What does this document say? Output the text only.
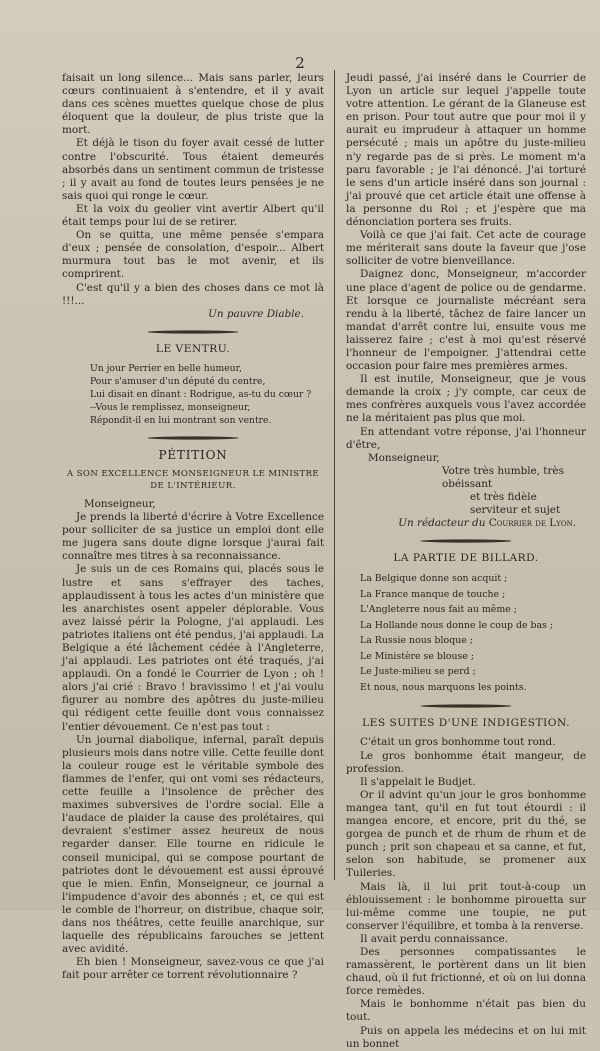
2

faisait un long silence... Mais sans parler, leurs cœurs continuaient à s'entendre, et il y avait dans ces scènes muettes quelque chose de plus éloquent que la douleur, de plus triste que la mort.

Et déjà le tison du foyer avait cessé de lutter contre l'obscurité. Tous étaient demeurés absorbés dans un sentiment commun de tristesse ; il y avait au fond de toutes leurs pensées je ne sais quoi qui ronge le cœur.

Et la voix du geolier vint avertir Albert qu'il était temps pour lui de se retirer.

On se quitta, une même pensée s'empara d'eux ; pensée de consolation, d'espoir... Albert murmura tout bas le mot avenir, et ils comprirent.

C'est qu'il y a bien des choses dans ce mot là !!!...

Un pauvre Diable.

LE VENTRU.

Un jour Perrier en belle humeur,

Pour s'amuser d'un député du centre,

Lui disait en dînant : Rodrigue, as-tu du cœur ?

--Vous le remplissez, monseigneur,

Répondit-il en lui montrant son ventre.

PÉTITION
A SON EXCELLENCE MONSEIGNEUR LE MINISTRE DE L'INTÉRIEUR.

Monseigneur,

Je prends la liberté d'écrire à Votre Excellence pour solliciter de sa justice un emploi dont elle me jugera sans doute digne lorsque j'aurai fait connaître mes titres à sa reconnaissance.

Je suis un de ces Romains qui, placés sous le lustre et sans s'effrayer des taches, applaudissent à tous les actes d'un ministère que les anarchistes osent appeler déplorable. Vous avez laissé périr la Pologne, j'ai applaudi. Les patriotes italiens ont été pendus, j'ai applaudi. La Belgique a été lâchement cédée à l'Angleterre, j'ai applaudi. Les patriotes ont été traqués, j'ai applaudi. On a fondé le Courrier de Lyon ; oh ! alors j'ai crié : Bravo ! bravissimo ! et j'ai voulu figurer au nombre des apôtres du juste-milieu qui rédigent cette feuille dont vous connaissez l'entier dévouement. Ce n'est pas tout :

Un journal diabolique, infernal, paraît depuis plusieurs mois dans notre ville. Cette feuille dont la couleur rouge est le véritable symbole des flammes de l'enfer, qui ont vomi ses rédacteurs, cette feuille a l'insolence de prêcher des maximes subversives de l'ordre social. Elle a l'audace de plaider la cause des prolétaires, qui devraient s'estimer assez heureux de nous regarder danser. Elle tourne en ridicule le conseil municipal, qui se compose pourtant de patriotes dont le dévouement est aussi éprouvé que le mien. Enfin, Monseigneur, ce journal a l'impudence d'avoir des abonnés ; et, ce qui est le comble de l'horreur, on distribue, chaque soir, dans nos théâtres, cette feuille anarchique, sur laquelle des républicains farouches se jettent avec avidité.

Eh bien ! Monseigneur, savez-vous ce que j'ai fait pour arrêter ce torrent révolutionnaire ?

Jeudi passé, j'ai inséré dans le Courrier de Lyon un article sur lequel j'appelle toute votre attention. Le gérant de la Glaneuse est en prison. Pour tout autre que pour moi il y aurait eu imprudeur à attaquer un homme persécuté ; mais un apôtre du juste-milieu n'y regarde pas de si près. Le moment m'a paru favorable ; je l'ai dénoncé. J'ai torturé le sens d'un article inséré dans son journal : j'ai prouvé que cet article était une offense à la personne du Roi ; et j'espère que ma dénonciation portera ses fruits.

Voilà ce que j'ai fait. Cet acte de courage me mériterait sans doute la faveur que j'ose solliciter de votre bienveillance.

Daignez donc, Monseigneur, m'accorder une place d'agent de police ou de gendarme. Et lorsque ce journaliste mécréant sera rendu à la liberté, tâchez de faire lancer un mandat d'arrêt contre lui, ensuite vous me laisserez faire ; c'est à moi qu'est réservé l'honneur de l'empoigner. J'attendrai cette occasion pour faire mes premières armes.

Il est inutile, Monseigneur, que je vous demande la croix ; j'y compte, car ceux de mes confrères auxquels vous l'avez accordée ne la méritaient pas plus que moi.

En attendant votre réponse, j'ai l'honneur d'être,

Monseigneur,

Votre très humble, très obéissant

et très fidèle serviteur et sujet

Un rédacteur du Courrier de Lyon.

LA PARTIE DE BILLARD.

La Belgique donne son acquit ;

La France manque de touche ;

L'Angleterre nous fait au même ;

La Hollande nous donne le coup de bas ;

La Russie nous bloque ;

Le Ministère se blouse ;

Le Juste-milieu se perd ;

Et nous, nous marquons les points.

LES SUITES D'UNE INDIGESTION.

C'était un gros bonhomme tout rond.

Le gros bonhomme était mangeur, de profession.

Il s'appelait le Budjet.

Or il advint qu'un jour le gros bonhomme mangea tant, qu'il en fut tout étourdi : il mangea encore, et encore, prit du thé, se gorgea de punch et de rhum de rhum et de punch ; prit son chapeau et sa canne, et fut, selon son habitude, se promener aux Tuileries.

Mais là, il lui prit tout-à-coup un éblouissement : le bonhomme pirouetta sur lui-même comme une toupie, ne put conserver l'équilibre, et tomba à la renverse.

Il avait perdu connaissance.

Des personnes compatissantes le ramassèrent, le portèrent dans un lit bien chaud, où il fut frictionné, et où on lui donna force remèdes.

Mais le bonhomme n'était pas bien du tout.

Puis on appela les médecins et on lui mit un bonnet
